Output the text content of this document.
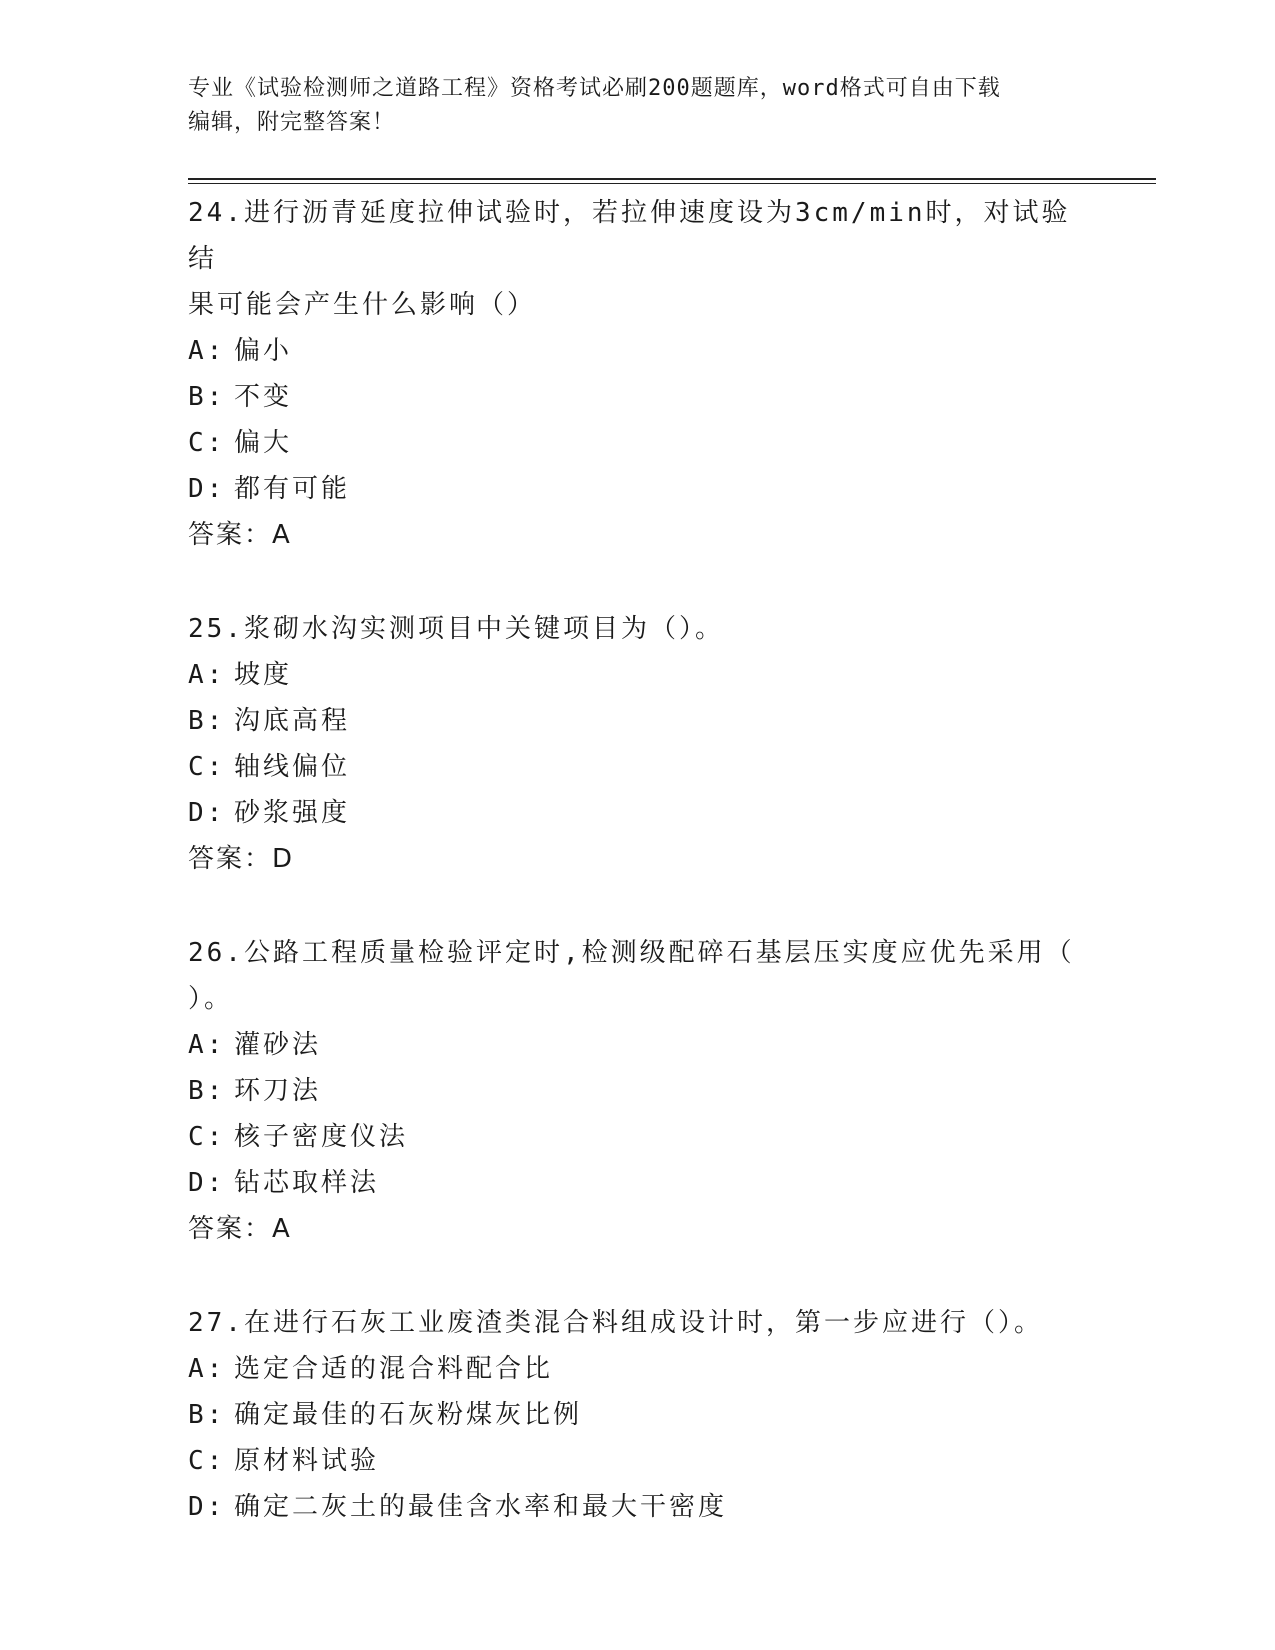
专业《试验检测师之道路工程》资格考试必刷200题题库，word格式可自由下载
编辑，附完整答案！
24.进行沥青延度拉伸试验时，若拉伸速度设为3cm/min时，对试验结
果可能会产生什么影响（）
A: 偏小
B: 不变
C: 偏大
D: 都有可能
答案：A
25.浆砌水沟实测项目中关键项目为（）。
A: 坡度
B: 沟底高程
C: 轴线偏位
D: 砂浆强度
答案：D
26.公路工程质量检验评定时,检测级配碎石基层压实度应优先采用（
）。
A: 灌砂法
B: 环刀法
C: 核子密度仪法
D: 钻芯取样法
答案：A
27.在进行石灰工业废渣类混合料组成设计时，第一步应进行（）。
A: 选定合适的混合料配合比
B: 确定最佳的石灰粉煤灰比例
C: 原材料试验
D: 确定二灰土的最佳含水率和最大干密度
